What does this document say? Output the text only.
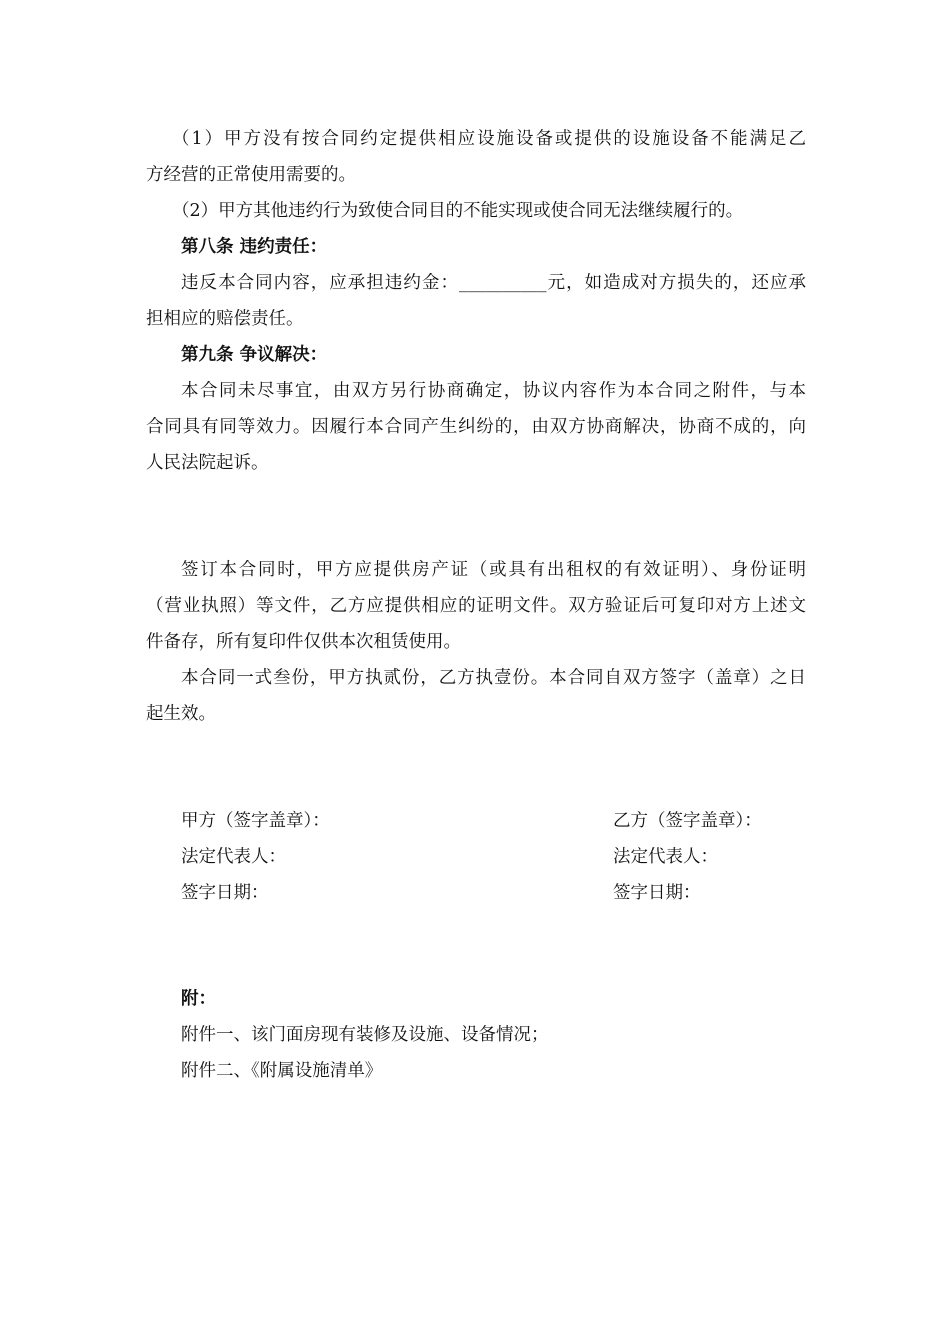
（1）甲方没有按合同约定提供相应设施设备或提供的设施设备不能满足乙
方经营的正常使用需要的。
（2）甲方其他违约行为致使合同目的不能实现或使合同无法继续履行的。
第八条 违约责任：
违反本合同内容，应承担违约金：__________元，如造成对方损失的，还应承
担相应的赔偿责任。
第九条 争议解决：
本合同未尽事宜，由双方另行协商确定，协议内容作为本合同之附件，与本
合同具有同等效力。因履行本合同产生纠纷的，由双方协商解决，协商不成的，向
人民法院起诉。
签订本合同时，甲方应提供房产证（或具有出租权的有效证明）、身份证明
（营业执照）等文件，乙方应提供相应的证明文件。双方验证后可复印对方上述文
件备存，所有复印件仅供本次租赁使用。
本合同一式叁份，甲方执贰份，乙方执壹份。本合同自双方签字（盖章）之日
起生效。
甲方（签字盖章）：	乙方（签字盖章）：
法定代表人：	法定代表人：
签字日期：	签字日期：
附：
附件一、该门面房现有装修及设施、设备情况；
附件二、《附属设施清单》
